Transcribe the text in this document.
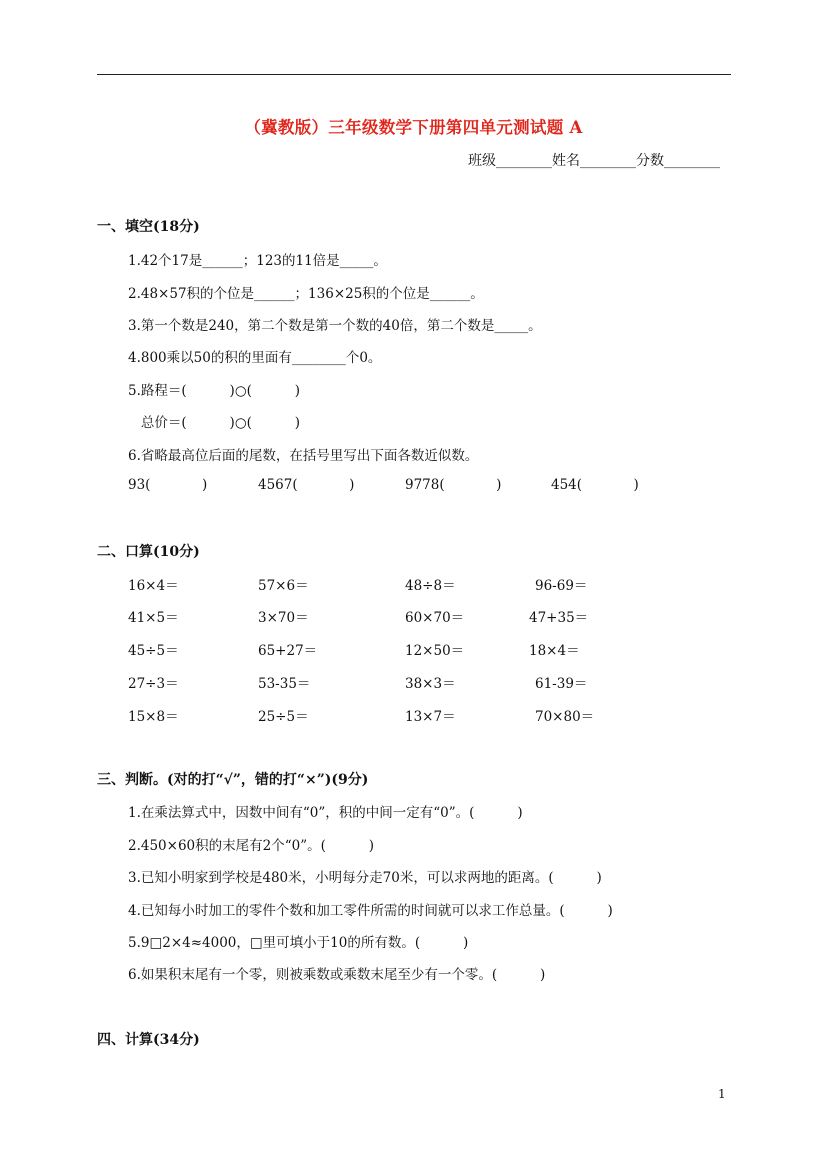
（冀教版）三年级数学下册第四单元测试题 A
班级________姓名________分数________
一、填空(18分)
1.42个17是______；123的11倍是_____。
2.48×57积的个位是______；136×25积的个位是______。
3.第一个数是240，第二个数是第一个数的40倍，第二个数是_____。
4.800乘以50的积的里面有________个0。
5.路程＝(          )○(          )
总价＝(          )○(          )
6.省略最高位后面的尾数，在括号里写出下面各数近似数。
93(            )	4567(            )	9778(            )	454(            )
二、口算(10分)
16×4＝	57×6＝	48÷8＝	96-69＝
41×5＝	3×70＝	60×70＝	47+35＝
45÷5＝	65+27＝	12×50＝	18×4＝
27÷3＝	53-35＝	38×3＝	61-39＝
15×8＝	25÷5＝	13×7＝	70×80＝
三、判断。(对的打“√”，错的打“×”)(9分)
1.在乘法算式中，因数中间有“0”，积的中间一定有“0”。(          )
2.450×60积的末尾有2个“0”。(          )
3.已知小明家到学校是480米，小明每分走70米，可以求两地的距离。(          )
4.已知每小时加工的零件个数和加工零件所需的时间就可以求工作总量。(          )
5.9□2×4≈4000，□里可填小于10的所有数。(          )
6.如果积末尾有一个零，则被乘数或乘数末尾至少有一个零。(          )
四、计算(34分)
1
